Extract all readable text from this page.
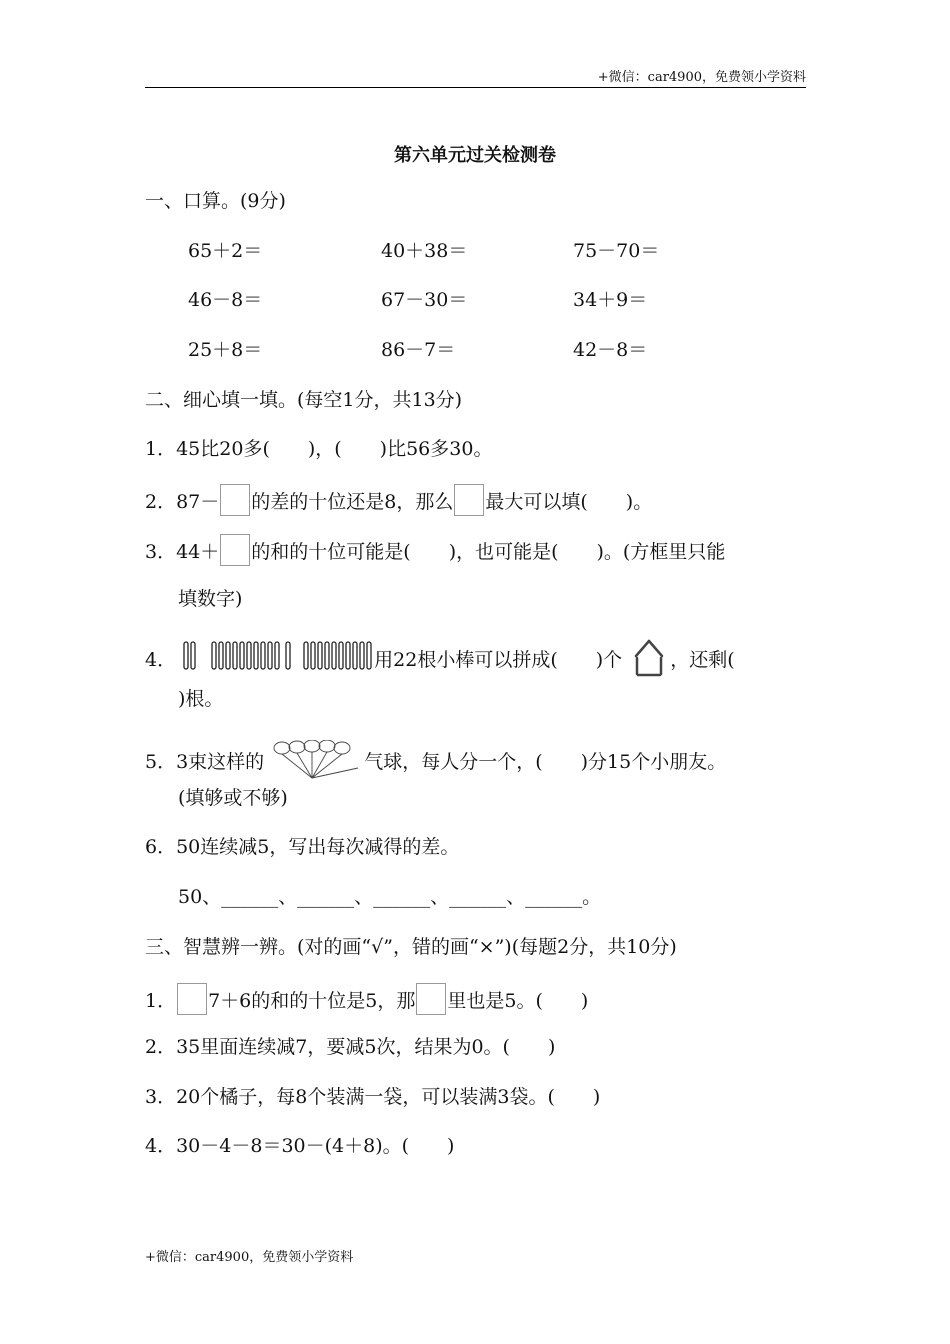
+微信：car4900，免费领小学资料
第六单元过关检测卷
一、口算。(9分)
65＋2＝	40＋38＝	75－70＝
46－8＝	67－30＝	34＋9＝
25＋8＝	86－7＝	42－8＝
二、细心填一填。(每空1分，共13分)
1．45比20多(　　)，(　　)比56多30。
2．87－ 的差的十位还是8，那么 最大可以填(　　)。
3．44＋ 的和的十位可能是(　　)，也可能是(　　)。(方框里只能
填数字)
4．	用22根小棒可以拼成(　　)个	，还剩(
)根。
5．3束这样的	气球，每人分一个，(　　)分15个小朋友。
(填够或不够)
6．50连续减5，写出每次减得的差。
50、______、______、______、______、______。
三、智慧辨一辨。(对的画“√”，错的画“×”)(每题2分，共10分)
1． 7＋6的和的十位是5，那 里也是5。(　　)
2．35里面连续减7，要减5次，结果为0。(　　)
3．20个橘子，每8个装满一袋，可以装满3袋。(　　)
4．30－4－8＝30－(4＋8)。(　　)
+微信：car4900，免费领小学资料
